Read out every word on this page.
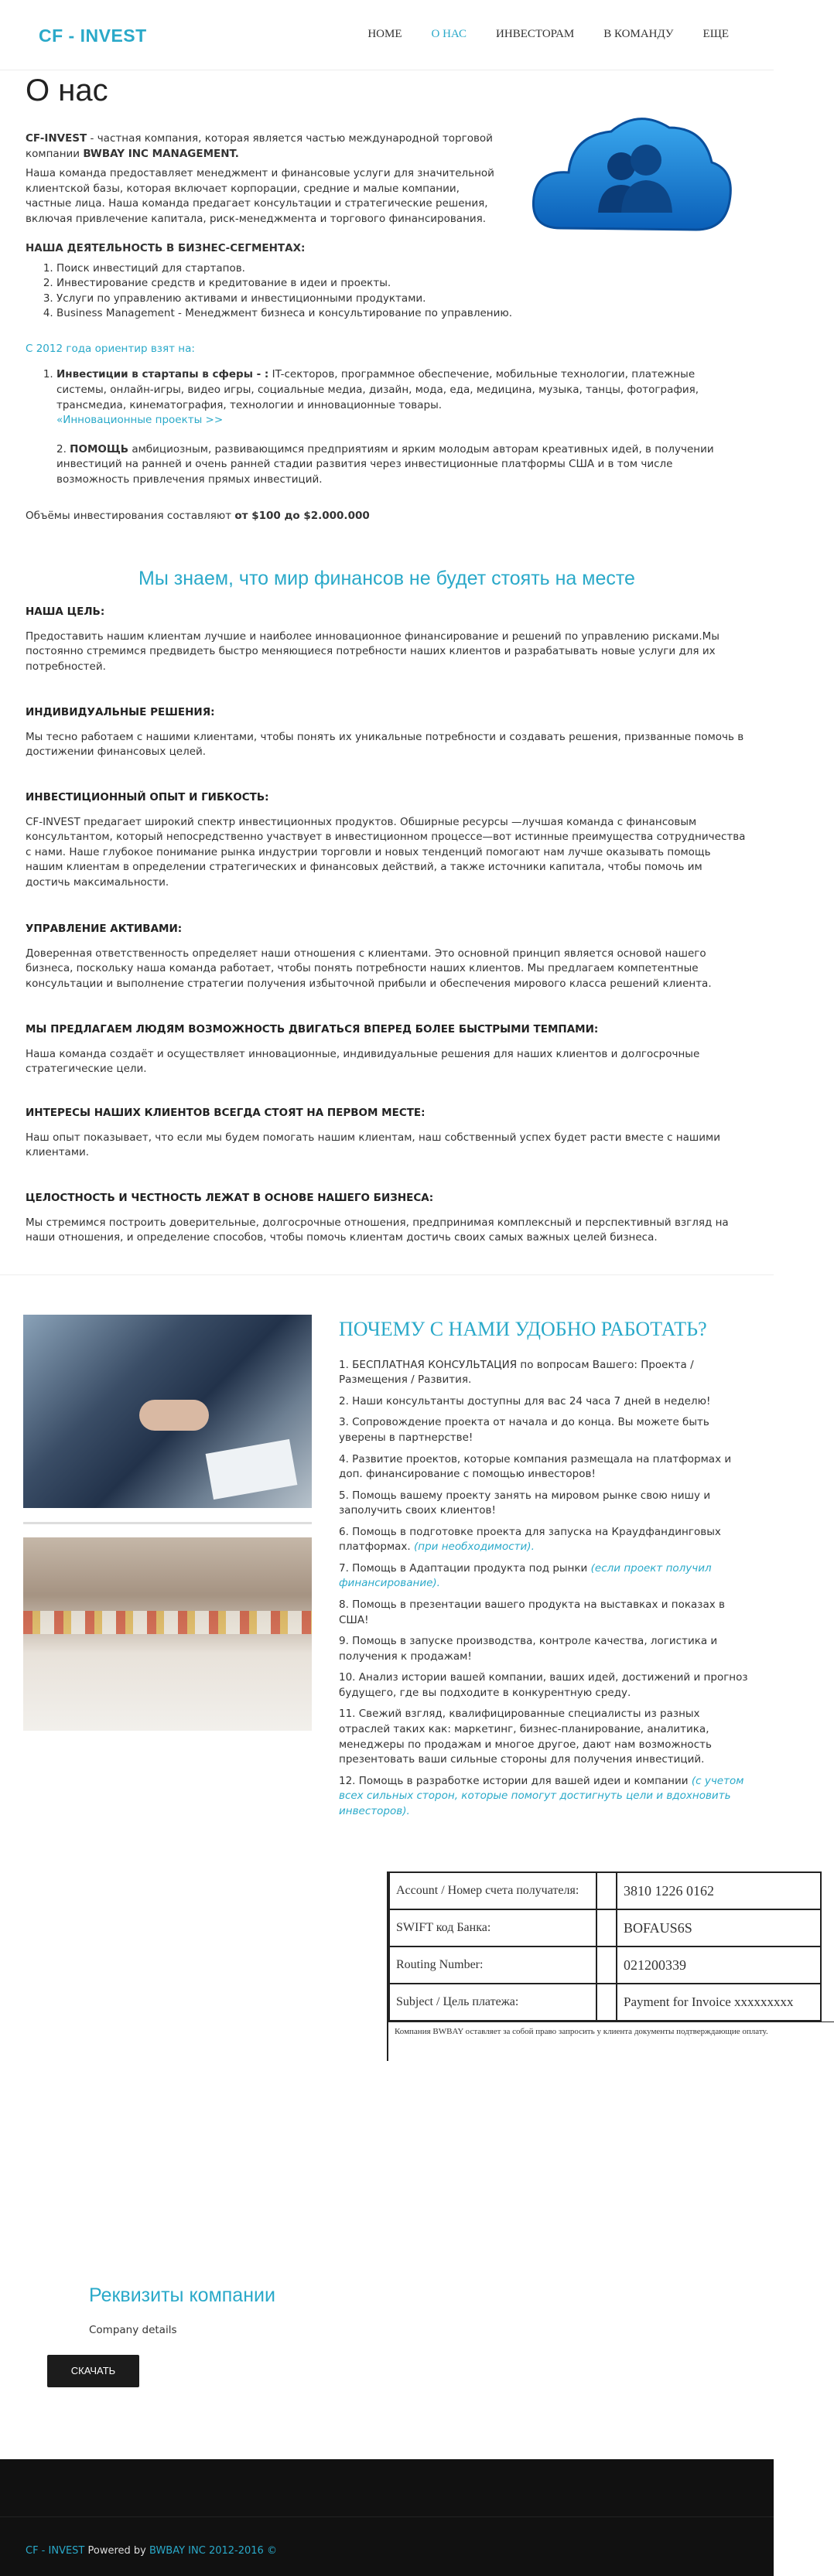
CF - INVEST	HOME	О НАС	ИНВЕСТОРАМ	В КОМАНДУ	ЕЩЕ
О нас

CF-INVEST - частная компания, которая является частью международной торговой компании BWBAY INC MANAGEMENT.

Наша команда предоставляет менеджмент и финансовые услуги для значительной клиентской базы, которая включает корпорации, средние и малые компании, частные лица. Наша команда предагает консультации и стратегические решения, включая привлечение капитала, риск-менеджмента и торгового финансирования.

НАША ДЕЯТЕЛЬНОСТЬ В БИЗНЕС-СЕГМЕНТАХ:
1. Поиск инвестиций для стартапов.
2. Инвестирование средств и кредитование в идеи и проекты.
3. Услуги по управлению активами и инвестиционными продуктами.
4. Business Management - Менеджмент бизнеса и консультирование по управлению.
С 2012 года ориентир взят на:
1. Инвестиции в стартапы в сферы - : IT-секторов, программное обеспечение, мобильные технологии, платежные системы, онлайн-игры, видео игры, социальные медиа, дизайн, мода, еда, медицина, музыка, танцы, фотография, трансмедиа, кинематография, технологии и инновационные товары.
«Инновационные проекты >>
2. ПОМОЩЬ амбициозным, развивающимся предприятиям и ярким молодым авторам креативных идей, в получении инвестиций на ранней и очень ранней стадии развития через инвестиционные платформы США и в том числе возможность привлечения прямых инвестиций.
Объёмы инвестирования составляют от $100 до $2.000.000
Мы знаем, что мир финансов не будет стоять на месте
НАША ЦЕЛЬ:

Предоставить нашим клиентам лучшие и наиболее инновационное финансирование и решений по управлению рисками.Мы постоянно стремимся предвидеть быстро меняющиеся потребности наших клиентов и разрабатывать новые услуги для их потребностей.

ИНДИВИДУАЛЬНЫЕ РЕШЕНИЯ:

Мы тесно работаем с нашими клиентами, чтобы понять их уникальные потребности и создавать решения, призванные помочь в достижении финансовых целей.

ИНВЕСТИЦИОННЫЙ ОПЫТ И ГИБКОСТЬ:

CF-INVEST предагает широкий спектр инвестиционных продуктов. Обширные ресурсы —лучшая команда с финансовым консультантом, который непосредственно участвует в инвестиционном процессе—вот истинные преимущества сотрудничества с нами. Наше глубокое понимание рынка индустрии торговли и новых тенденций помогают нам лучше оказывать помощь нашим клиентам в определении стратегических и финансовых действий, а также источники капитала, чтобы помочь им достичь максимальности.

УПРАВЛЕНИЕ АКТИВАМИ:

Доверенная ответственность определяет наши отношения с клиентами. Это основной принцип является основой нашего бизнеса, поскольку наша команда работает, чтобы понять потребности наших клиентов. Мы предлагаем компетентные консультации и выполнение стратегии получения избыточной прибыли и обеспечения мирового класса решений клиента.

МЫ ПРЕДЛАГАЕМ ЛЮДЯМ ВОЗМОЖНОСТЬ ДВИГАТЬСЯ ВПЕРЕД БОЛЕЕ БЫСТРЫМИ ТЕМПАМИ:

Наша команда создаёт и осуществляет инновационные, индивидуальные решения для наших клиентов и долгосрочные стратегические цели.

ИНТЕРЕСЫ НАШИХ КЛИЕНТОВ ВСЕГДА СТОЯТ НА ПЕРВОМ МЕСТЕ:

Наш опыт показывает, что если мы будем помогать нашим клиентам, наш собственный успех будет расти вместе с нашими клиентами.

ЦЕЛОСТНОСТЬ И ЧЕСТНОСТЬ ЛЕЖАТ В ОСНОВЕ НАШЕГО БИЗНЕСА:

Мы стремимся построить доверительные, долгосрочные отношения, предпринимая комплексный и перспективный взгляд на наши отношения, и определение способов, чтобы помочь клиентам достичь своих самых важных целей бизнеса.

ПОЧЕМУ С НАМИ УДОБНО РАБОТАТЬ?

1. БЕСПЛАТНАЯ КОНСУЛЬТАЦИЯ по вопросам Вашего: Проекта / Размещения / Развития.

2. Наши консультанты доступны для вас 24 часа 7 дней в неделю!

3. Сопровождение проекта от начала и до конца. Вы можете быть уверены в партнерстве!

4. Развитие проектов, которые компания размещала на платформах и доп. финансирование с помощью инвесторов!

5. Помощь вашему проекту занять на мировом рынке свою нишу и заполучить своих клиентов!

6. Помощь в подготовке проекта для запуска на Краудфандинговых платформах. (при необходимости).

7. Помощь в Адаптации продукта под рынки (если проект получил финансирование).

8. Помощь в презентации вашего продукта на выставках и показах в США!

9. Помощь в запуске производства, контроле качества, логистика и получения к продажам!

10. Анализ истории вашей компании, ваших идей, достижений и прогноз будущего, где вы подходите в конкурентную среду.

11. Свежий взгляд, квалифицированные специалисты из разных отраслей таких как: маркетинг, бизнес-планирование, аналитика, менеджеры по продажам и многое другое, дают нам возможность презентовать ваши сильные стороны для получения инвестиций.

12. Помощь в разработке истории для вашей идеи и компании (с учетом всех сильных сторон, которые помогут достигнуть цели и вдохновить инвесторов).

Account / Номер счета получателя:		3810 1226 0162
SWIFT код Банка:		BOFAUS6S
Routing Number:		021200339
Subject / Цель платежа:		Payment for Invoice xxxxxxxxx
Компания BWBAY оставляет за собой право запросить у клиента документы подтверждающие оплату.
Реквизиты компании
Company details
СКАЧАТЬ
CF - INVEST Powered by BWBAY INC 2012-2016 ©
